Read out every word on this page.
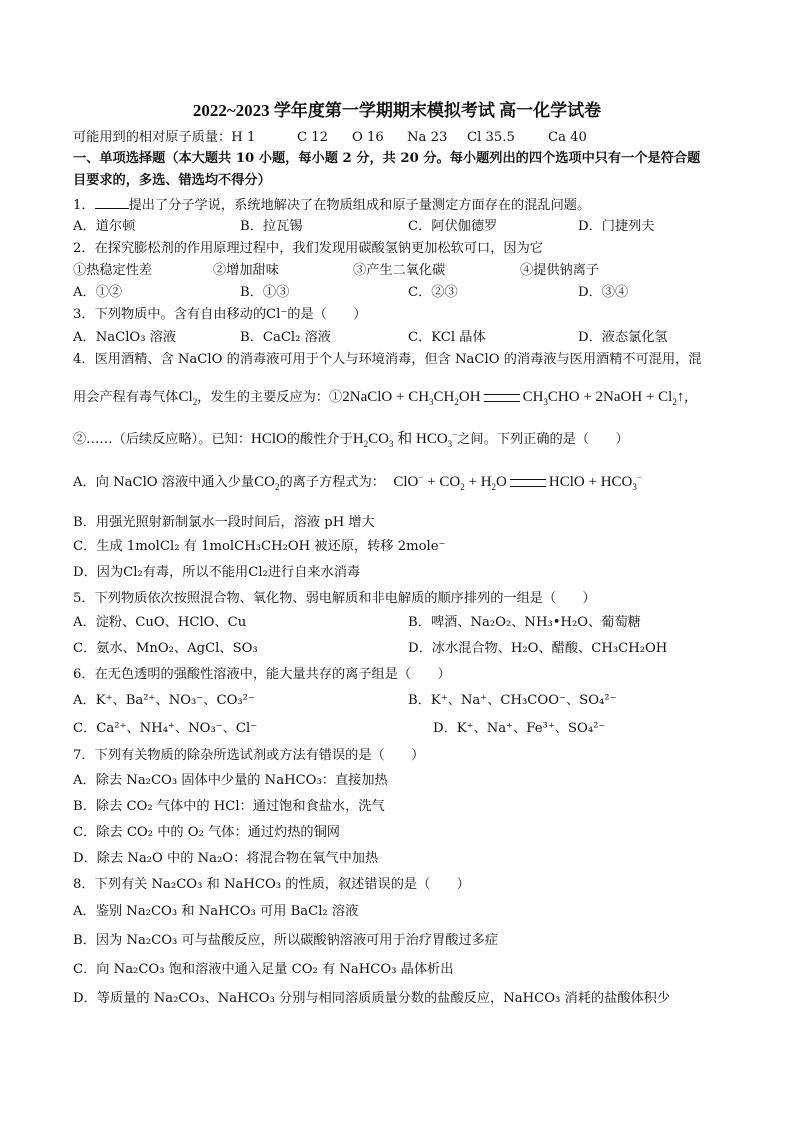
2022~2023 学年度第一学期期末模拟考试 高一化学试卷
可能用到的相对原子质量：H 1	C 12 O 16 Na 23 Cl 35.5	Ca 40
一、单项选择题（本大题共 10 小题，每小题 2 分，共 20 分。每小题列出的四个选项中只有一个是符合题
目要求的，多选、错选均不得分）
1．	提出了分子学说，系统地解决了在物质组成和原子量测定方面存在的混乱问题。
A．道尔顿	B．拉瓦锡	C．阿伏伽德罗	D．门捷列夫
2．在探究膨松剂的作用原理过程中，我们发现用碳酸氢钠更加松软可口，因为它
①热稳定性差	②增加甜味	③产生二氧化碳	④提供钠离子
A．①②	B．①③	C．②③	D．③④
3．下列物质中。含有自由移动的Cl⁻的是（　　）
A．NaClO₃ 溶液	B．CaCl₂ 溶液	C．KCl 晶体	D．液态氯化氢
4．医用酒精、含 NaClO 的消毒液可用于个人与环境消毒，但含 NaClO 的消毒液与医用酒精不可混用，混
用会产程有毒气体$Cl_2$，发生的主要反应为：①2NaClO + $CH_3CH_2OH$	$CH_3CHO$ + 2NaOH + $Cl_2↑$,
②……（后续反应略）。已知：HClO的酸性介于$H_2CO_3$ 和 $HCO_3^-$之间。下列正确的是（　　）
A．向 NaClO 溶液中通入少量$CO_2$的离子方程式为： $ClO^- + CO_2 + H_2O$	HClO + $HCO_3^-$
B．用强光照射新制氯水一段时间后，溶液 pH 增大
C．生成 1molCl₂ 有 1molCH₃CH₂OH 被还原，转移 2mole⁻
D．因为Cl₂有毒，所以不能用Cl₂进行自来水消毒
5．下列物质依次按照混合物、氧化物、弱电解质和非电解质的顺序排列的一组是（　　）
A．淀粉、CuO、HClO、Cu	B．啤酒、Na₂O₂、NH₃•H₂O、葡萄糖
C．氨水、MnO₂、AgCl、SO₃	D．冰水混合物、H₂O、醋酸、CH₃CH₂OH
6．在无色透明的强酸性溶液中，能大量共存的离子组是（　　）
A．K⁺、Ba²⁺、NO₃⁻、CO₃²⁻	B．K⁺、Na⁺、CH₃COO⁻、SO₄²⁻
C．Ca²⁺、NH₄⁺、NO₃⁻、Cl⁻	D．K⁺、Na⁺、Fe³⁺、SO₄²⁻
7．下列有关物质的除杂所选试剂或方法有错误的是（　　）
A．除去 Na₂CO₃ 固体中少量的 NaHCO₃：直接加热
B．除去 CO₂ 气体中的 HCl：通过饱和食盐水，洗气
C．除去 CO₂ 中的 O₂ 气体：通过灼热的铜网
D．除去 Na₂O 中的 Na₂O：将混合物在氧气中加热
8．下列有关 Na₂CO₃ 和 NaHCO₃ 的性质，叙述错误的是（　　）
A．鉴别 Na₂CO₃ 和 NaHCO₃ 可用 BaCl₂ 溶液
B．因为 Na₂CO₃ 可与盐酸反应，所以碳酸钠溶液可用于治疗胃酸过多症
C．向 Na₂CO₃ 饱和溶液中通入足量 CO₂ 有 NaHCO₃ 晶体析出
D．等质量的 Na₂CO₃、NaHCO₃ 分别与相同溶质质量分数的盐酸反应，NaHCO₃ 消耗的盐酸体积少
